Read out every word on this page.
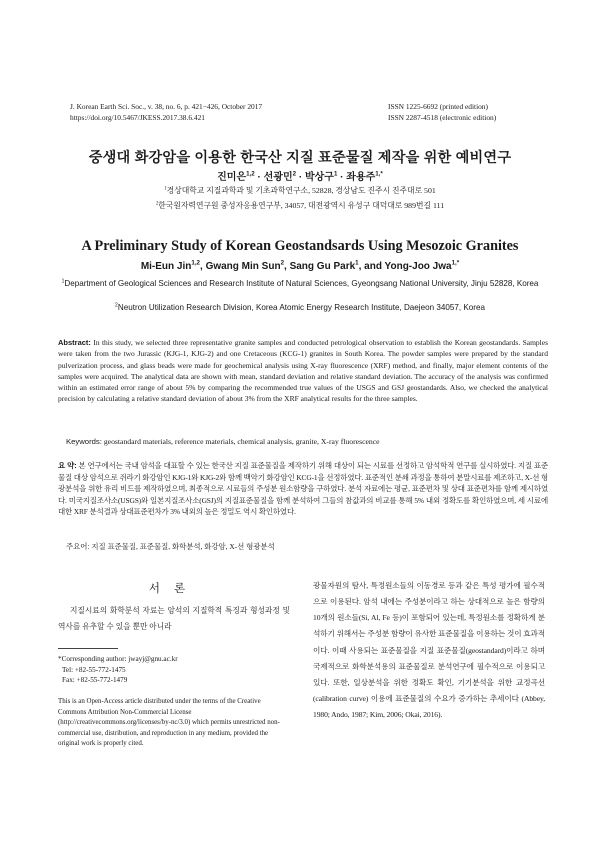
J. Korean Earth Sci. Soc., v. 38, no. 6, p. 421−426, October 2017
https://doi.org/10.5467/JKESS.2017.38.6.421
ISSN 1225-6692 (printed edition)
ISSN 2287-4518 (electronic edition)
중생대 화강암을 이용한 한국산 지질 표준물질 제작을 위한 예비연구
진미은$^{1,2}$ · 선광민$^2$ · 박상구$^1$ · 좌용주$^{1,*}$
$^1$경상대학교 지질과학과 및 기초과학연구소, 52828, 경상남도 진주시 진주대로 501
$^2$한국원자력연구원 중성자응용연구부, 34057, 대전광역시 유성구 대덕대로 989번길 111
A Preliminary Study of Korean Geostandsards Using Mesozoic Granites
Mi-Eun Jin$^{1,2}$, Gwang Min Sun$^2$, Sang Gu Park$^1$, and Yong-Joo Jwa$^{1,*}$
$^1$Department of Geological Sciences and Research Institute of Natural Sciences, Gyeongsang National University, Jinju 52828, Korea
$^2$Neutron Utilization Research Division, Korea Atomic Energy Research Institute, Daejeon 34057, Korea
Abstract: In this study, we selected three representative granite samples and conducted petrological observation to establish the Korean geostandards. Samples were taken from the two Jurassic (KJG-1, KJG-2) and one Cretaceous (KCG-1) granites in South Korea. The powder samples were prepared by the standard pulverization process, and glass beads were made for geochemical analysis using X-ray fluorescence (XRF) method, and finally, major element contents of the samples were acquired. The analytical data are shown with mean, standard deviation and relative standard deviation. The accuracy of the analysis was confirmed within an estimated error range of about 5% by comparing the recommended true values of the USGS and GSJ geostandards. Also, we checked the analytical precision by calculating a relative standard deviation of about 3% from the XRF analytical results for the three samples.
Keywords: geostandard materials, reference materials, chemical analysis, granite, X-ray fluorescence
요 약: 본 연구에서는 국내 암석을 대표할 수 있는 한국산 지질 표준물질을 제작하기 위해 대상이 되는 시료를 선정하고 암석학적 연구를 실시하였다. 지질 표준물질 대상 암석으로 쥐라기 화강암인 KJG-1와 KJG-2와 함께 백악기 화강암인 KCG-1을 선정하였다. 표준적인 분쇄 과정을 통하여 분말시료를 제조하고, X-선 형광분석을 위한 유리 비드를 제작하였으며, 최종적으로 시료들의 주성분 원소함량을 구하였다. 분석 자료에는 평균, 표준편차 및 상대 표준편차를 함께 제시하였다. 미국지질조사소(USGS)와 일본지질조사소(GSJ)의 지질표준물질을 함께 분석하여 그들의 참값과의 비교를 통해 5% 내외 정확도를 확인하였으며, 세 시료에 대한 XRF 분석결과 상대표준편차가 3% 내외의 높은 정밀도 역시 확인하였다.
주요어: 지질 표준물질, 표준물질, 화학분석, 화강암, X-선 형광분석
서론
지질시료의 화학분석 자료는 암석의 지질학적 특징과 형성과정 및 역사를 유추할 수 있을 뿐만 아니라
*Corresponding author: jwayj@gnu.ac.kr
Tel: +82-55-772-1475
Fax: +82-55-772-1479
This is an Open-Access article distributed under the terms of the Creative Commons Attribution Non-Commercial License (http://creativecommons.org/licenses/by-nc/3.0) which permits unrestricted non-commercial use, distribution, and reproduction in any medium, provided the original work is properly cited.
광물자원의 탐사, 특정원소들의 이동경로 등과 같은 특성 평가에 필수적으로 이용된다. 암석 내에는 주성분이라고 하는 상대적으로 높은 함량의 10개의 원소들(Si, Al, Fe 등)이 포함되어 있는데, 특정원소를 정확하게 분석하기 위해서는 주성분 함량이 유사한 표준물질을 이용하는 것이 효과적이다. 이때 사용되는 표준물질을 지질 표준물질(geostandard)이라고 하며 국제적으로 화학분석용의 표준물질로 분석연구에 필수적으로 이용되고 있다. 또한, 일상분석을 위한 정확도 확인, 기기분석을 위한 교정곡선(calibration curve) 이용에 표준물질의 수요가 증가하는 추세이다 (Abbey, 1980; Ando, 1987; Kim, 2006; Okai, 2016).
